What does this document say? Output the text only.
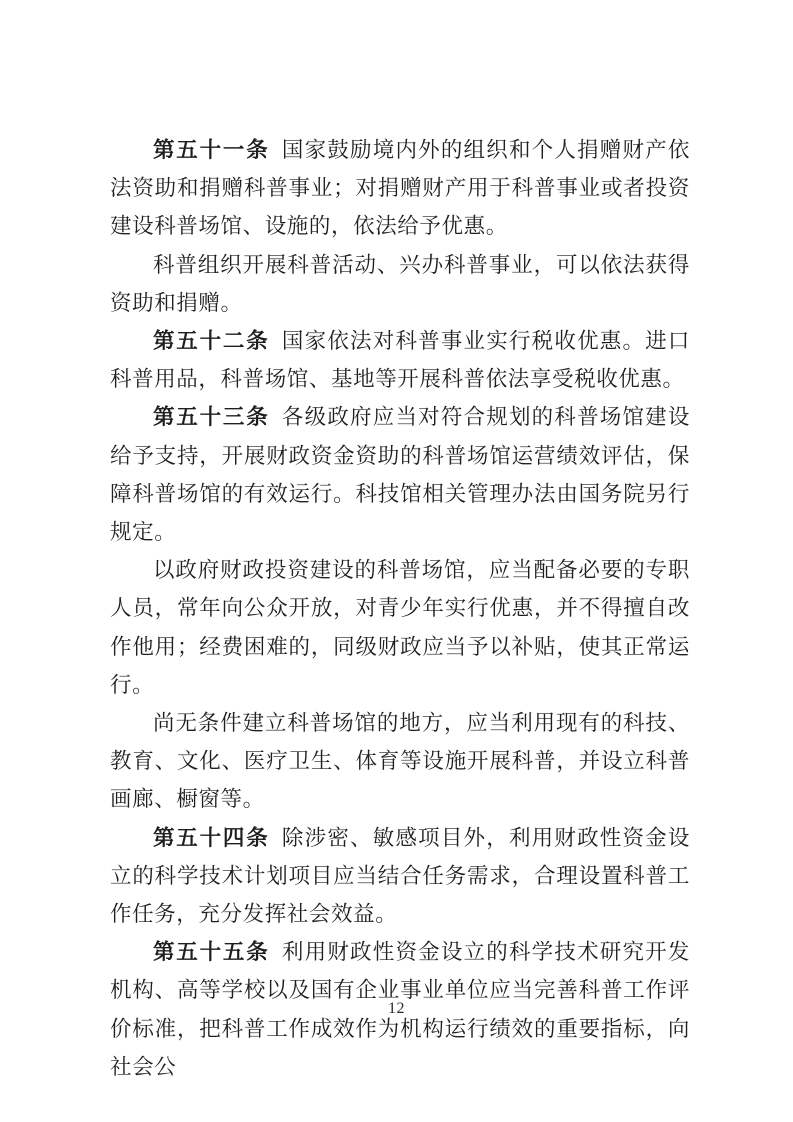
第五十一条 国家鼓励境内外的组织和个人捐赠财产依法资助和捐赠科普事业；对捐赠财产用于科普事业或者投资建设科普场馆、设施的，依法给予优惠。

科普组织开展科普活动、兴办科普事业，可以依法获得资助和捐赠。

第五十二条 国家依法对科普事业实行税收优惠。进口科普用品，科普场馆、基地等开展科普依法享受税收优惠。

第五十三条 各级政府应当对符合规划的科普场馆建设给予支持，开展财政资金资助的科普场馆运营绩效评估，保障科普场馆的有效运行。科技馆相关管理办法由国务院另行规定。

以政府财政投资建设的科普场馆，应当配备必要的专职人员，常年向公众开放，对青少年实行优惠，并不得擅自改作他用；经费困难的，同级财政应当予以补贴，使其正常运行。

尚无条件建立科普场馆的地方，应当利用现有的科技、教育、文化、医疗卫生、体育等设施开展科普，并设立科普画廊、橱窗等。

第五十四条 除涉密、敏感项目外，利用财政性资金设立的科学技术计划项目应当结合任务需求，合理设置科普工作任务，充分发挥社会效益。

第五十五条 利用财政性资金设立的科学技术研究开发机构、高等学校以及国有企业事业单位应当完善科普工作评价标准，把科普工作成效作为机构运行绩效的重要指标，向社会公

12
